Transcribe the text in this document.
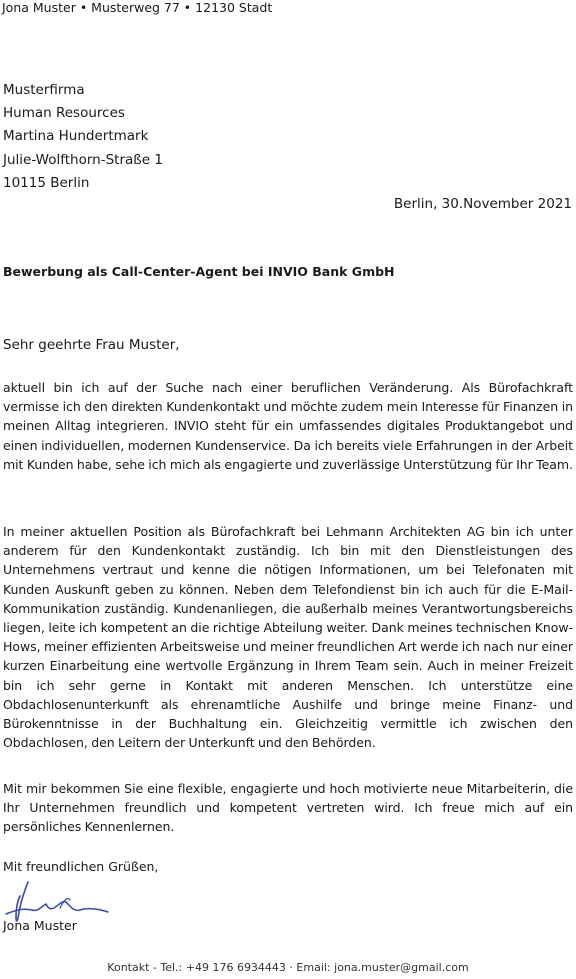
Jona Muster • Musterweg 77 • 12130 Stadt
Musterfirma
Human Resources
Martina Hundertmark
Julie-Wolfthorn-Straße 1
10115 Berlin
Berlin, 30.November 2021
Bewerbung als Call-Center-Agent bei INVIO Bank GmbH
Sehr geehrte Frau Muster,
aktuell bin ich auf der Suche nach einer beruflichen Veränderung. Als Bürofachkraft vermisse ich den direkten Kundenkontakt und möchte zudem mein Interesse für Finanzen in meinen Alltag integrieren. INVIO steht für ein umfassendes digitales Produktangebot und einen individuellen, modernen Kundenservice. Da ich bereits viele Erfahrungen in der Arbeit mit Kunden habe, sehe ich mich als engagierte und zuverlässige Unterstützung für Ihr Team.
In meiner aktuellen Position als Bürofachkraft bei Lehmann Architekten AG bin ich unter anderem für den Kundenkontakt zuständig. Ich bin mit den Dienstleistungen des Unternehmens vertraut und kenne die nötigen Informationen, um bei Telefonaten mit Kunden Auskunft geben zu können. Neben dem Telefondienst bin ich auch für die E-Mail-Kommunikation zuständig. Kundenanliegen, die außerhalb meines Verantwortungsbereichs liegen, leite ich kompetent an die richtige Abteilung weiter. Dank meines technischen Know-Hows, meiner effizienten Arbeitsweise und meiner freundlichen Art werde ich nach nur einer kurzen Einarbeitung eine wertvolle Ergänzung in Ihrem Team sein. Auch in meiner Freizeit bin ich sehr gerne in Kontakt mit anderen Menschen. Ich unterstütze eine Obdachlosenunterkunft als ehrenamtliche Aushilfe und bringe meine Finanz- und Bürokenntnisse in der Buchhaltung ein. Gleichzeitig vermittle ich zwischen den Obdachlosen, den Leitern der Unterkunft und den Behörden.
Mit mir bekommen Sie eine flexible, engagierte und hoch motivierte neue Mitarbeiterin, die Ihr Unternehmen freundlich und kompetent vertreten wird. Ich freue mich auf ein persönliches Kennenlernen.
Mit freundlichen Grüßen,
Jona Muster
Kontakt - Tel.: +49 176 6934443 · Email: jona.muster@gmail.com
